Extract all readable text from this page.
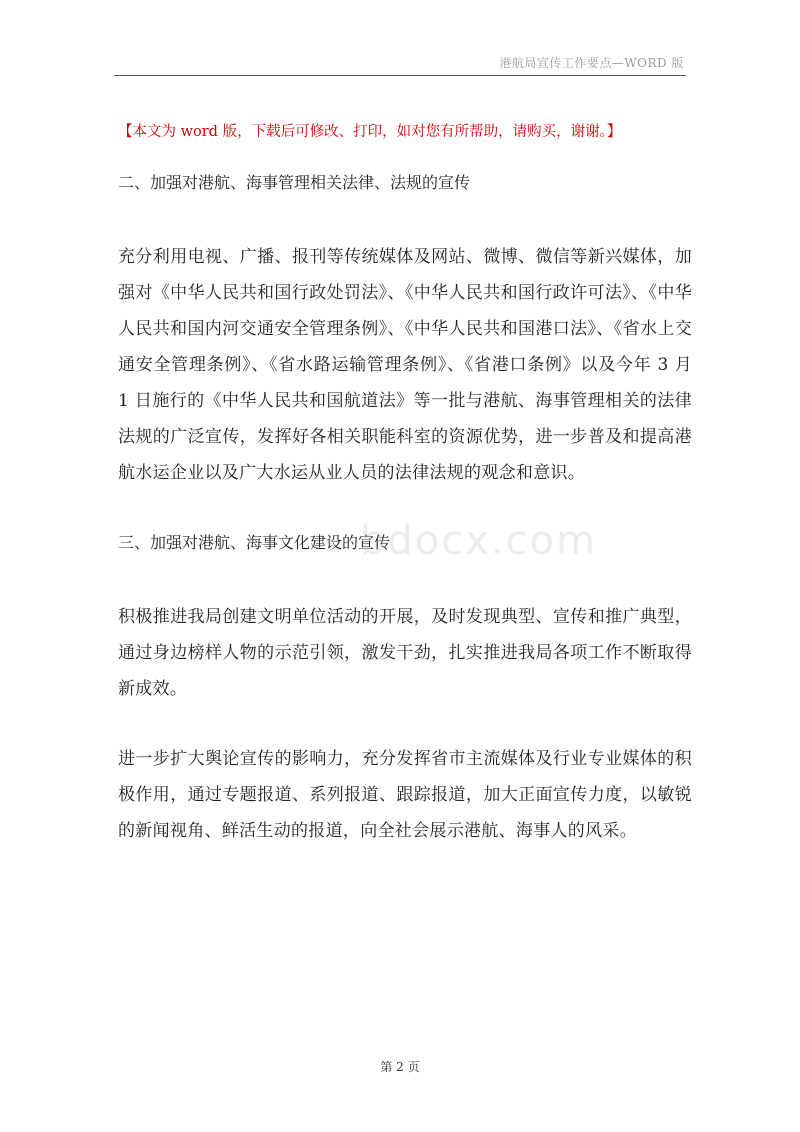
港航局宣传工作要点—WORD 版
【本文为 word 版，下载后可修改、打印，如对您有所帮助，请购买，谢谢。】
二、加强对港航、海事管理相关法律、法规的宣传

充分利用电视、广播、报刊等传统媒体及网站、微博、微信等新兴媒体，加强对《中华人民共和国行政处罚法》、《中华人民共和国行政许可法》、《中华人民共和国内河交通安全管理条例》、《中华人民共和国港口法》、《省水上交通安全管理条例》、《省水路运输管理条例》、《省港口条例》以及今年 3 月 1 日施行的《中华人民共和国航道法》等一批与港航、海事管理相关的法律法规的广泛宣传，发挥好各相关职能科室的资源优势，进一步普及和提高港航水运企业以及广大水运从业人员的法律法规的观念和意识。

三、加强对港航、海事文化建设的宣传

积极推进我局创建文明单位活动的开展，及时发现典型、宣传和推广典型，通过身边榜样人物的示范引领，激发干劲，扎实推进我局各项工作不断取得新成效。

进一步扩大舆论宣传的影响力，充分发挥省市主流媒体及行业专业媒体的积极作用，通过专题报道、系列报道、跟踪报道，加大正面宣传力度，以敏锐的新闻视角、鲜活生动的报道，向全社会展示港航、海事人的风采。

bdocx.com
第 2 页
